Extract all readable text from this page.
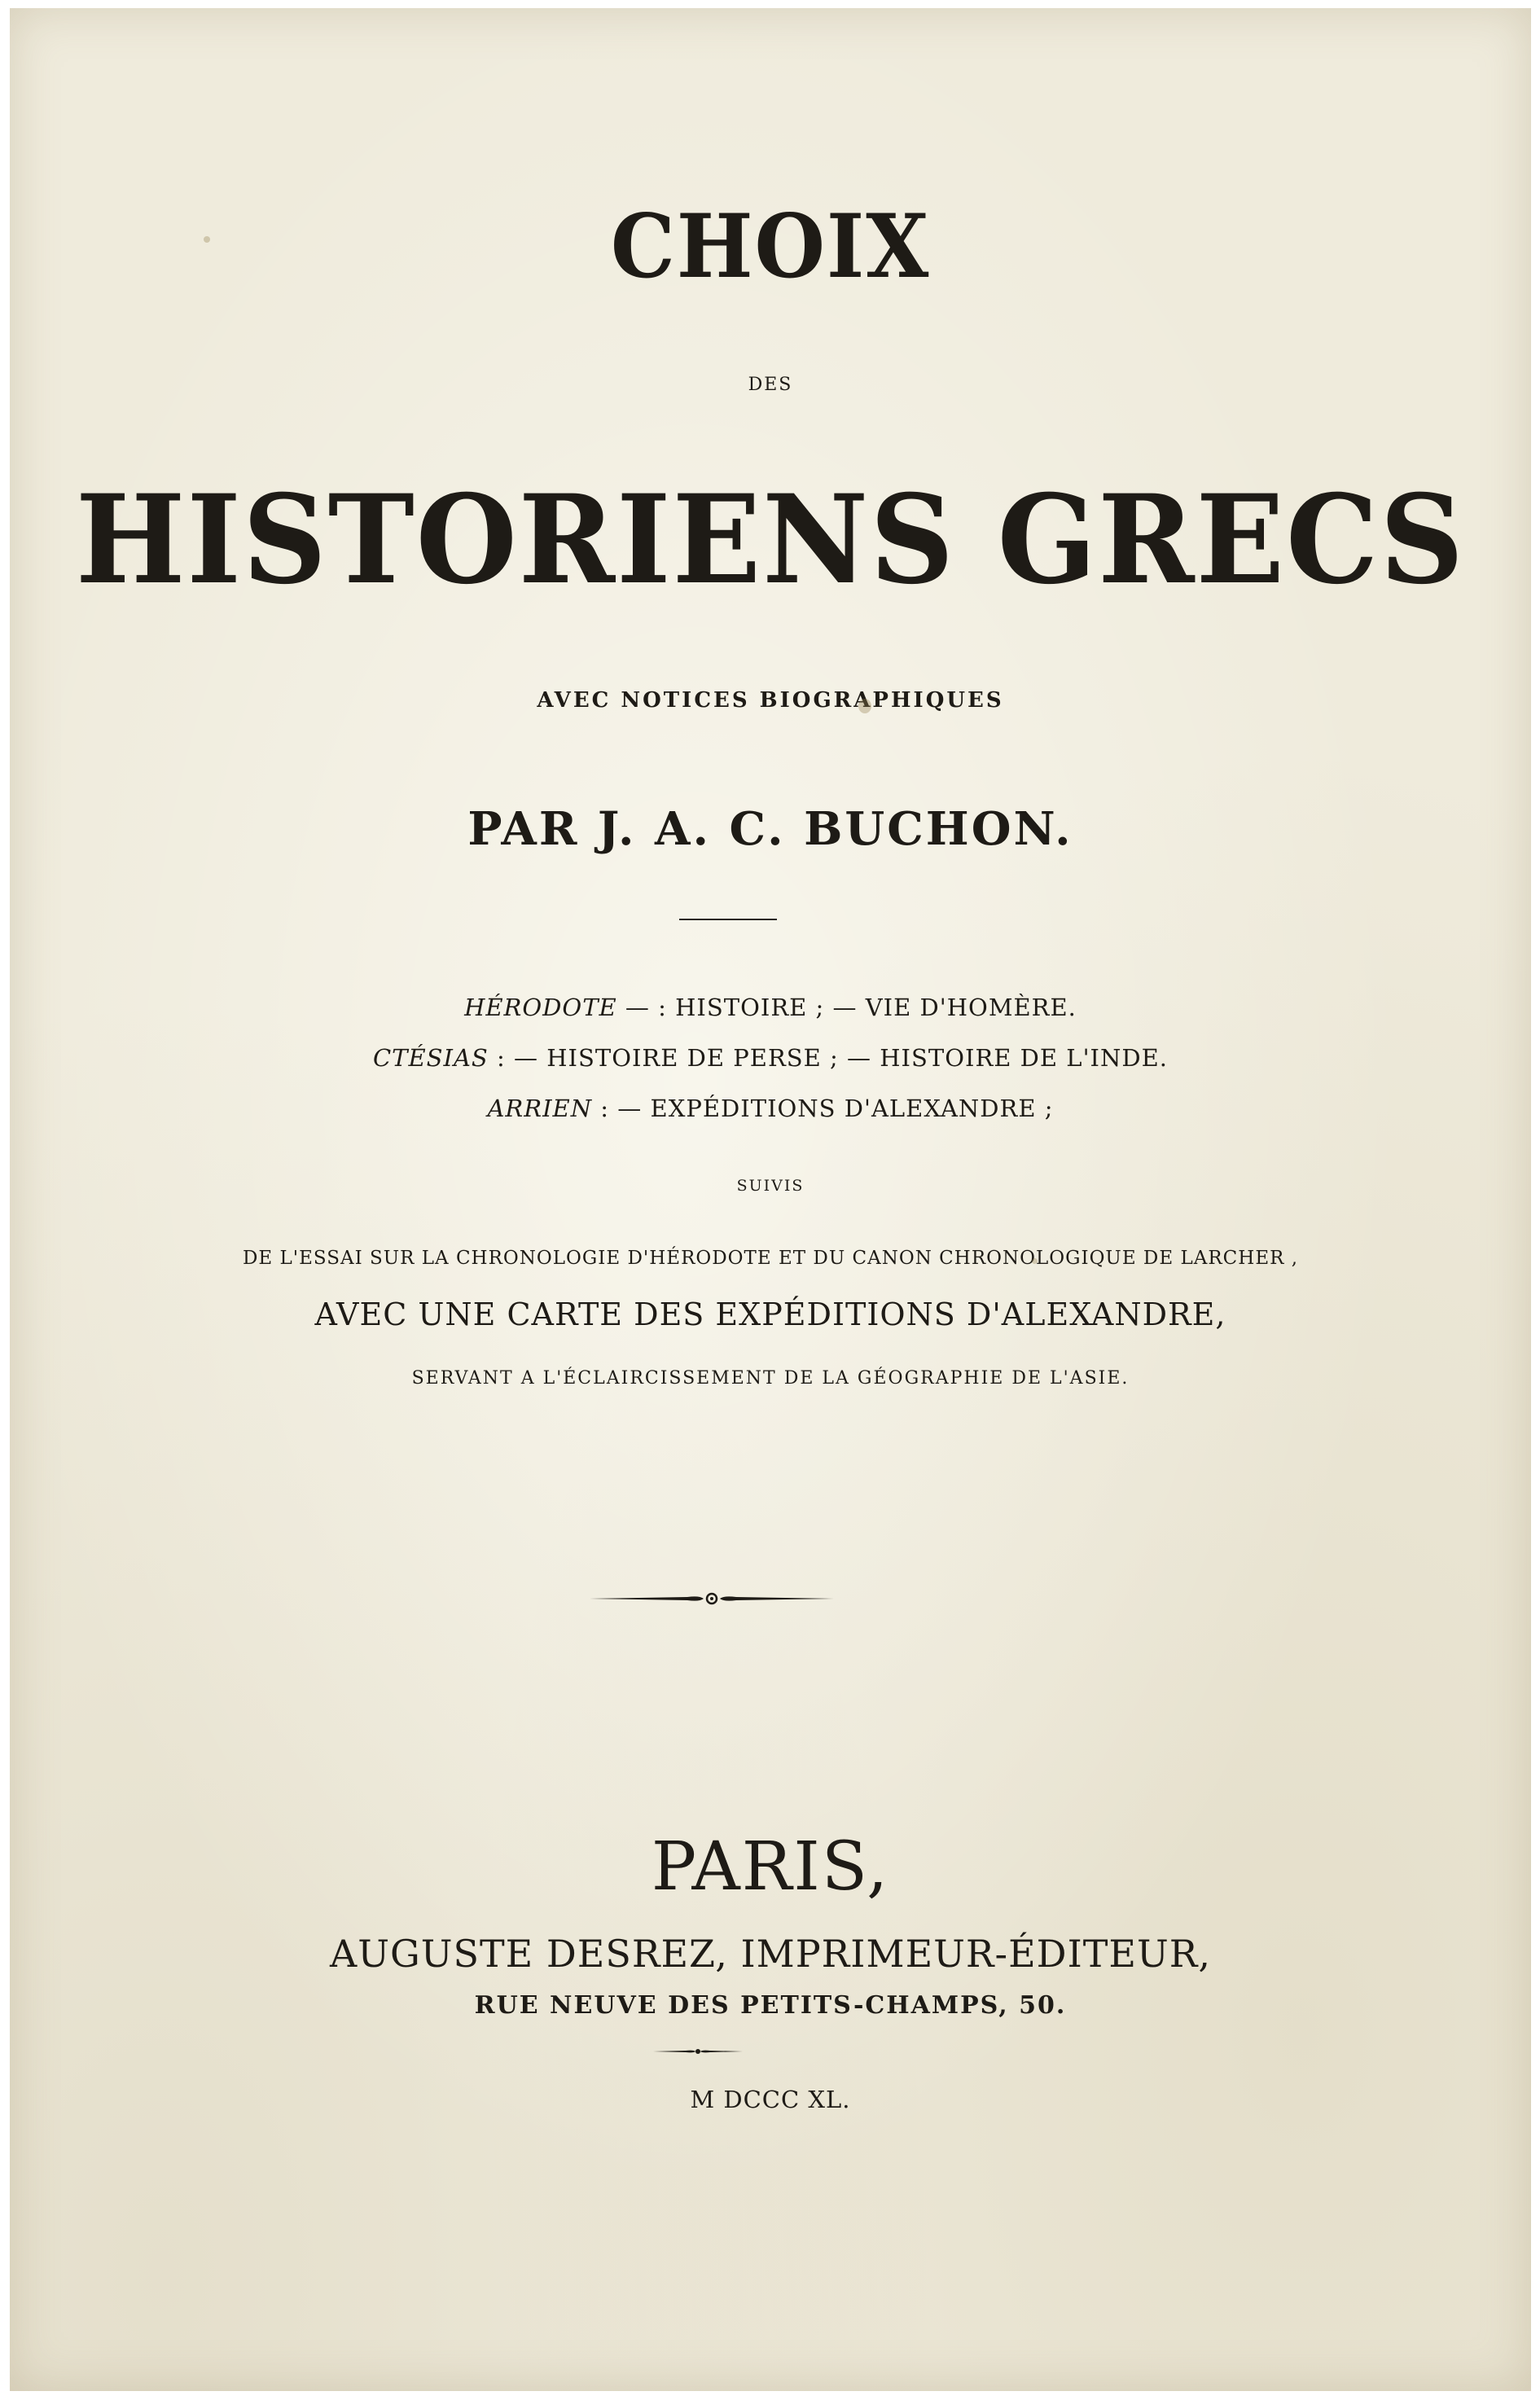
CHOIX
DES
HISTORIENS GRECS
AVEC NOTICES BIOGRAPHIQUES
PAR J. A. C. BUCHON.
HÉRODOTE — : HISTOIRE ; — VIE D'HOMÈRE.
CTÉSIAS : — HISTOIRE DE PERSE ; — HISTOIRE DE L'INDE.
ARRIEN : — EXPÉDITIONS D'ALEXANDRE ;
SUIVIS
DE L'ESSAI SUR LA CHRONOLOGIE D'HÉRODOTE ET DU CANON CHRONOLOGIQUE DE LARCHER ,
AVEC UNE CARTE DES EXPÉDITIONS D'ALEXANDRE,
SERVANT A L'ÉCLAIRCISSEMENT DE LA GÉOGRAPHIE DE L'ASIE.
PARIS,
AUGUSTE DESREZ, IMPRIMEUR-ÉDITEUR,
RUE NEUVE DES PETITS-CHAMPS, 50.
M DCCC XL.
